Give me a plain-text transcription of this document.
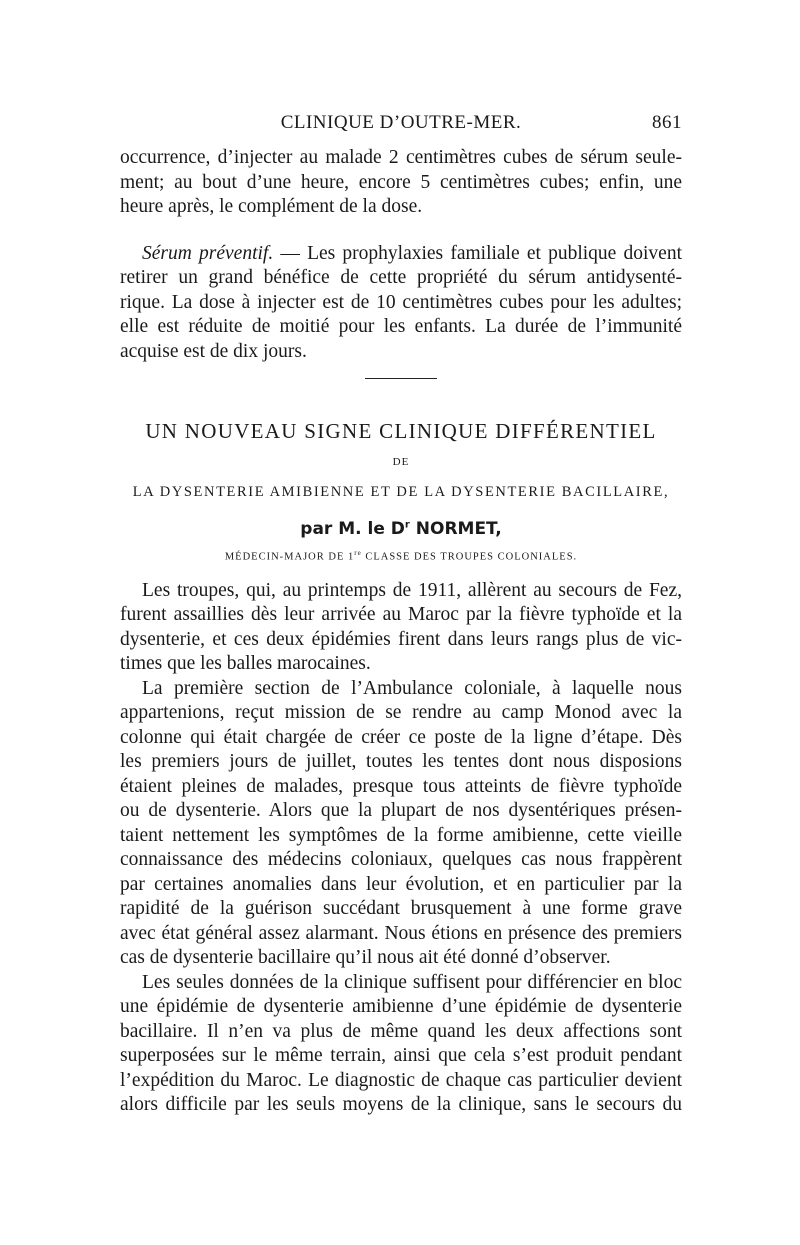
CLINIQUE D’OUTRE-MER.	861
occurrence, d’injecter au malade 2 centimètres cubes de sérum seule-
ment; au bout d’une heure, encore 5 centimètres cubes; enfin, une
heure après, le complément de la dose.
Sérum préventif. — Les prophylaxies familiale et publique doivent
retirer un grand bénéfice de cette propriété du sérum antidysenté-
rique. La dose à injecter est de 10 centimètres cubes pour les adultes;
elle est réduite de moitié pour les enfants. La durée de l’immunité
acquise est de dix jours.
UN NOUVEAU SIGNE CLINIQUE DIFFÉRENTIEL
DE
LA DYSENTERIE AMIBIENNE ET DE LA DYSENTERIE BACILLAIRE,
par M. le $D^r$ NORMET,
MÉDECIN-MAJOR DE 1re CLASSE DES TROUPES COLONIALES.
Les troupes, qui, au printemps de 1911, allèrent au secours de Fez,
furent assaillies dès leur arrivée au Maroc par la fièvre typhoïde et la
dysenterie, et ces deux épidémies firent dans leurs rangs plus de vic-
times que les balles marocaines.
La première section de l’Ambulance coloniale, à laquelle nous
appartenions, reçut mission de se rendre au camp Monod avec la
colonne qui était chargée de créer ce poste de la ligne d’étape. Dès
les premiers jours de juillet, toutes les tentes dont nous disposions
étaient pleines de malades, presque tous atteints de fièvre typhoïde
ou de dysenterie. Alors que la plupart de nos dysentériques présen-
taient nettement les symptômes de la forme amibienne, cette vieille
connaissance des médecins coloniaux, quelques cas nous frappèrent
par certaines anomalies dans leur évolution, et en particulier par la
rapidité de la guérison succédant brusquement à une forme grave
avec état général assez alarmant. Nous étions en présence des premiers
cas de dysenterie bacillaire qu’il nous ait été donné d’observer.
Les seules données de la clinique suffisent pour différencier en bloc
une épidémie de dysenterie amibienne d’une épidémie de dysenterie
bacillaire. Il n’en va plus de même quand les deux affections sont
superposées sur le même terrain, ainsi que cela s’est produit pendant
l’expédition du Maroc. Le diagnostic de chaque cas particulier devient
alors difficile par les seuls moyens de la clinique, sans le secours du
